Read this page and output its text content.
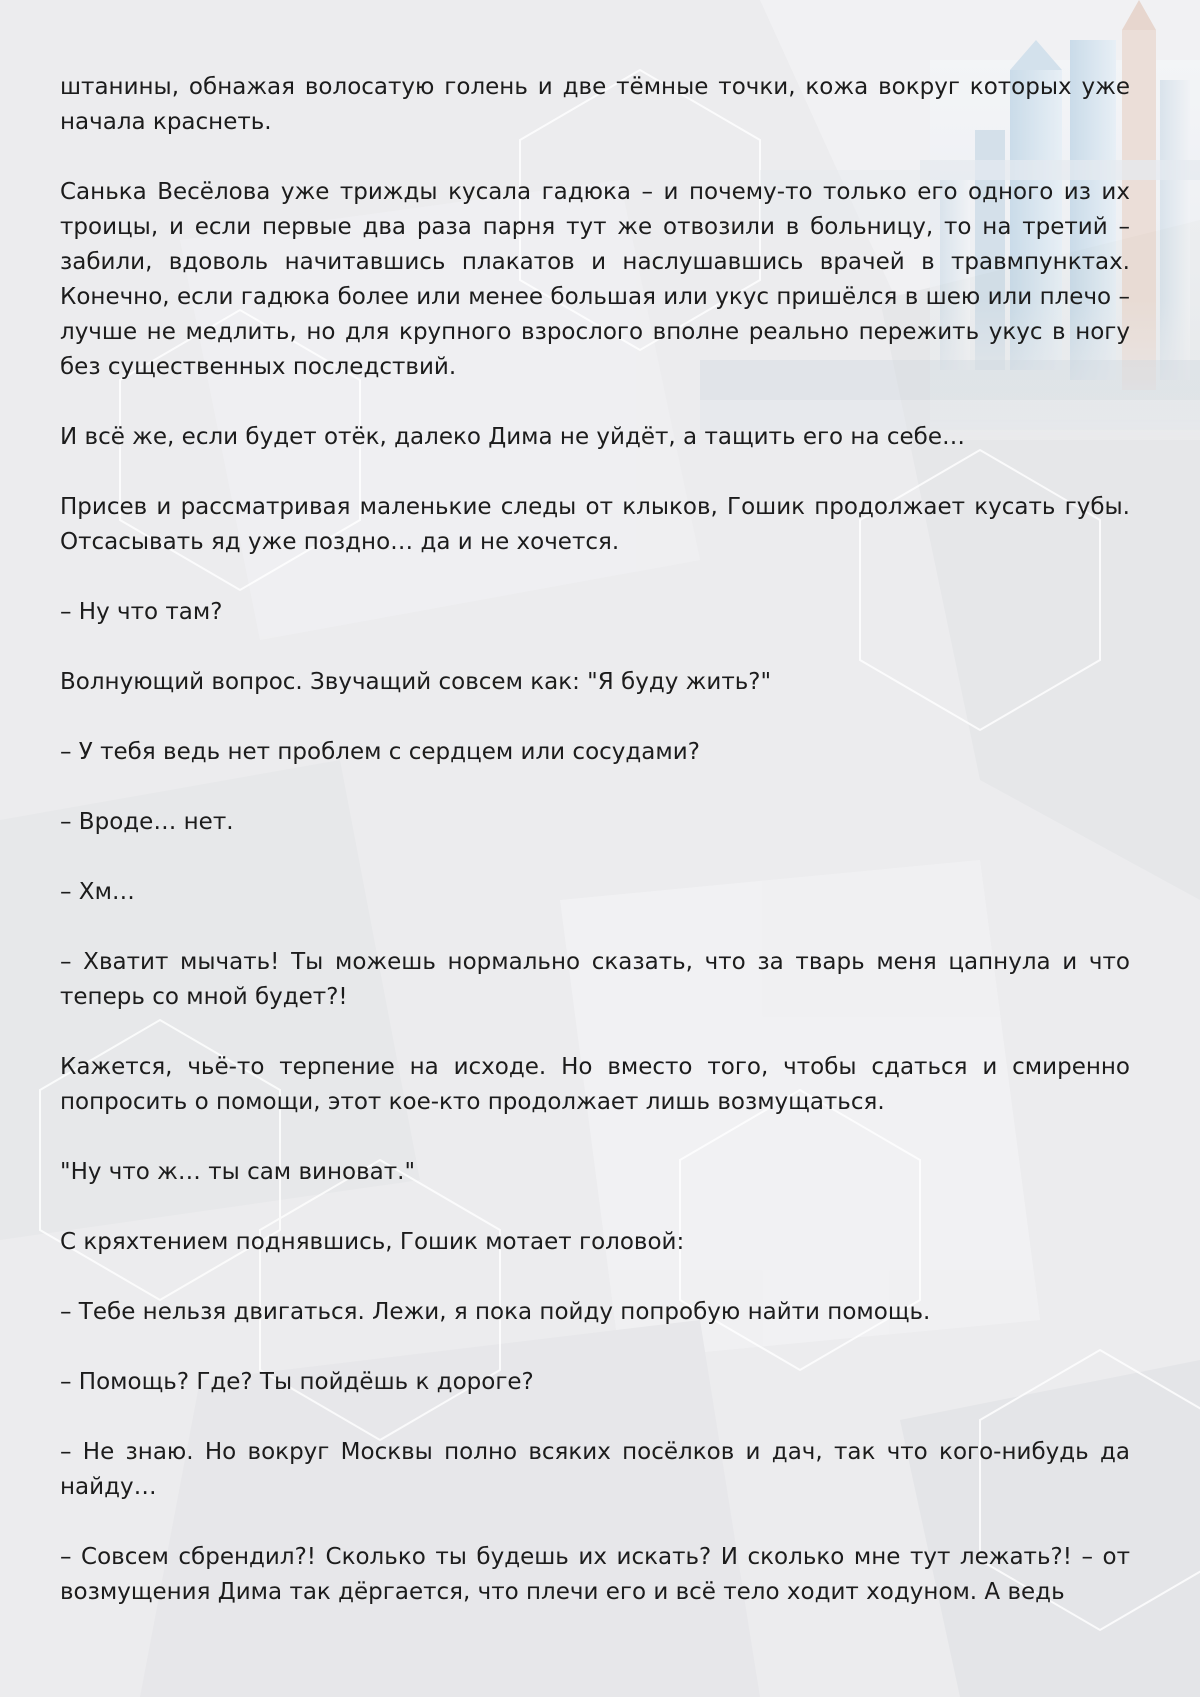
штанины, обнажая волосатую голень и две тёмные точки, кожа вокруг которых уже начала краснеть.

Санька Весёлова уже трижды кусала гадюка – и почему-то только его одного из их троицы, и если первые два раза парня тут же отвозили в больницу, то на третий – забили, вдоволь начитавшись плакатов и наслушавшись врачей в травмпунктах. Конечно, если гадюка более или менее большая или укус пришёлся в шею или плечо – лучше не медлить, но для крупного взрослого вполне реально пережить укус в ногу без существенных последствий.

И всё же, если будет отёк, далеко Дима не уйдёт, а тащить его на себе…

Присев и рассматривая маленькие следы от клыков, Гошик продолжает кусать губы. Отсасывать яд уже поздно… да и не хочется.

– Ну что там?

Волнующий вопрос. Звучащий совсем как: "Я буду жить?"

– У тебя ведь нет проблем с сердцем или сосудами?

– Вроде… нет.

– Хм…

– Хватит мычать! Ты можешь нормально сказать, что за тварь меня цапнула и что теперь со мной будет?!

Кажется, чьё-то терпение на исходе. Но вместо того, чтобы сдаться и смиренно попросить о помощи, этот кое-кто продолжает лишь возмущаться.

"Ну что ж… ты сам виноват."

С кряхтением поднявшись, Гошик мотает головой:

– Тебе нельзя двигаться. Лежи, я пока пойду попробую найти помощь.

– Помощь? Где? Ты пойдёшь к дороге?

– Не знаю. Но вокруг Москвы полно всяких посёлков и дач, так что кого-нибудь да найду…

– Совсем сбрендил?! Сколько ты будешь их искать? И сколько мне тут лежать?! – от возмущения Дима так дёргается, что плечи его и всё тело ходит ходуном. А ведь
